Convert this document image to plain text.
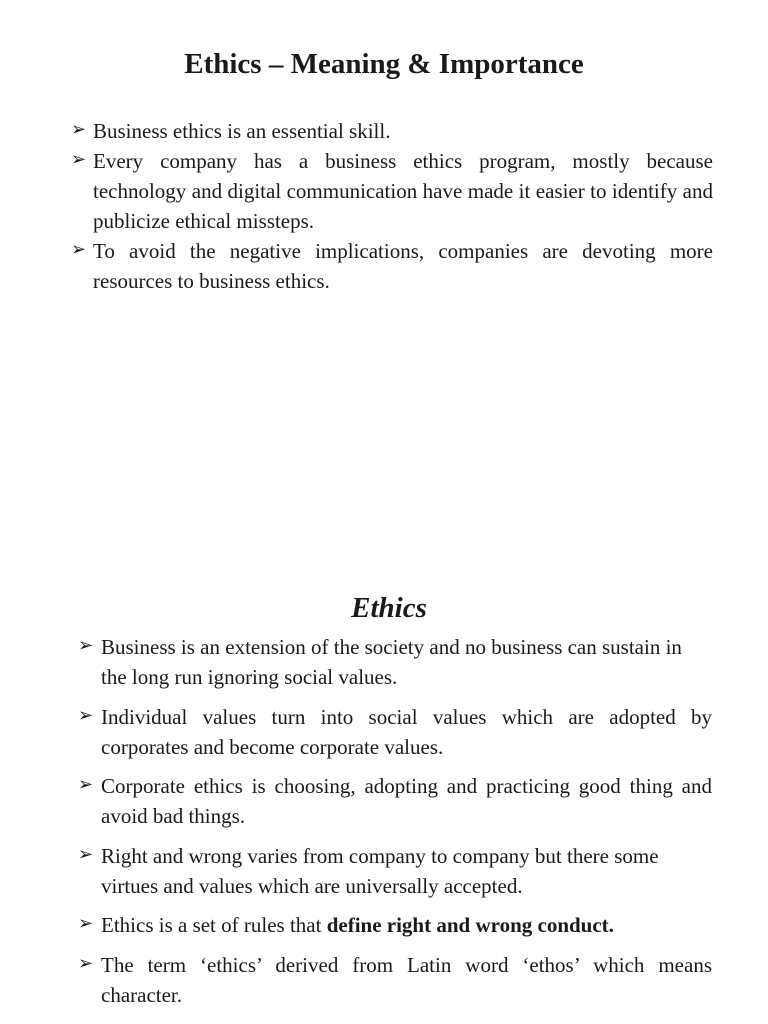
Ethics – Meaning & Importance
➢ Business ethics is an essential skill.
➢ Every company has a business ethics program, mostly because technology and digital communication have made it easier to identify and publicize ethical missteps.
➢ To avoid the negative implications, companies are devoting more resources to business ethics.
Ethics
➢ Business is an extension of the society and no business can sustain in the long run ignoring social values.
➢ Individual values turn into social values which are adopted by corporates and become corporate values.
➢ Corporate ethics is choosing, adopting and practicing good thing and avoid bad things.
➢ Right and wrong varies from company to company but there some virtues and values which are universally accepted.
➢ Ethics is a set of rules that define right and wrong conduct.
➢ The term ‘ethics’ derived from Latin word ‘ethos’ which means character.
